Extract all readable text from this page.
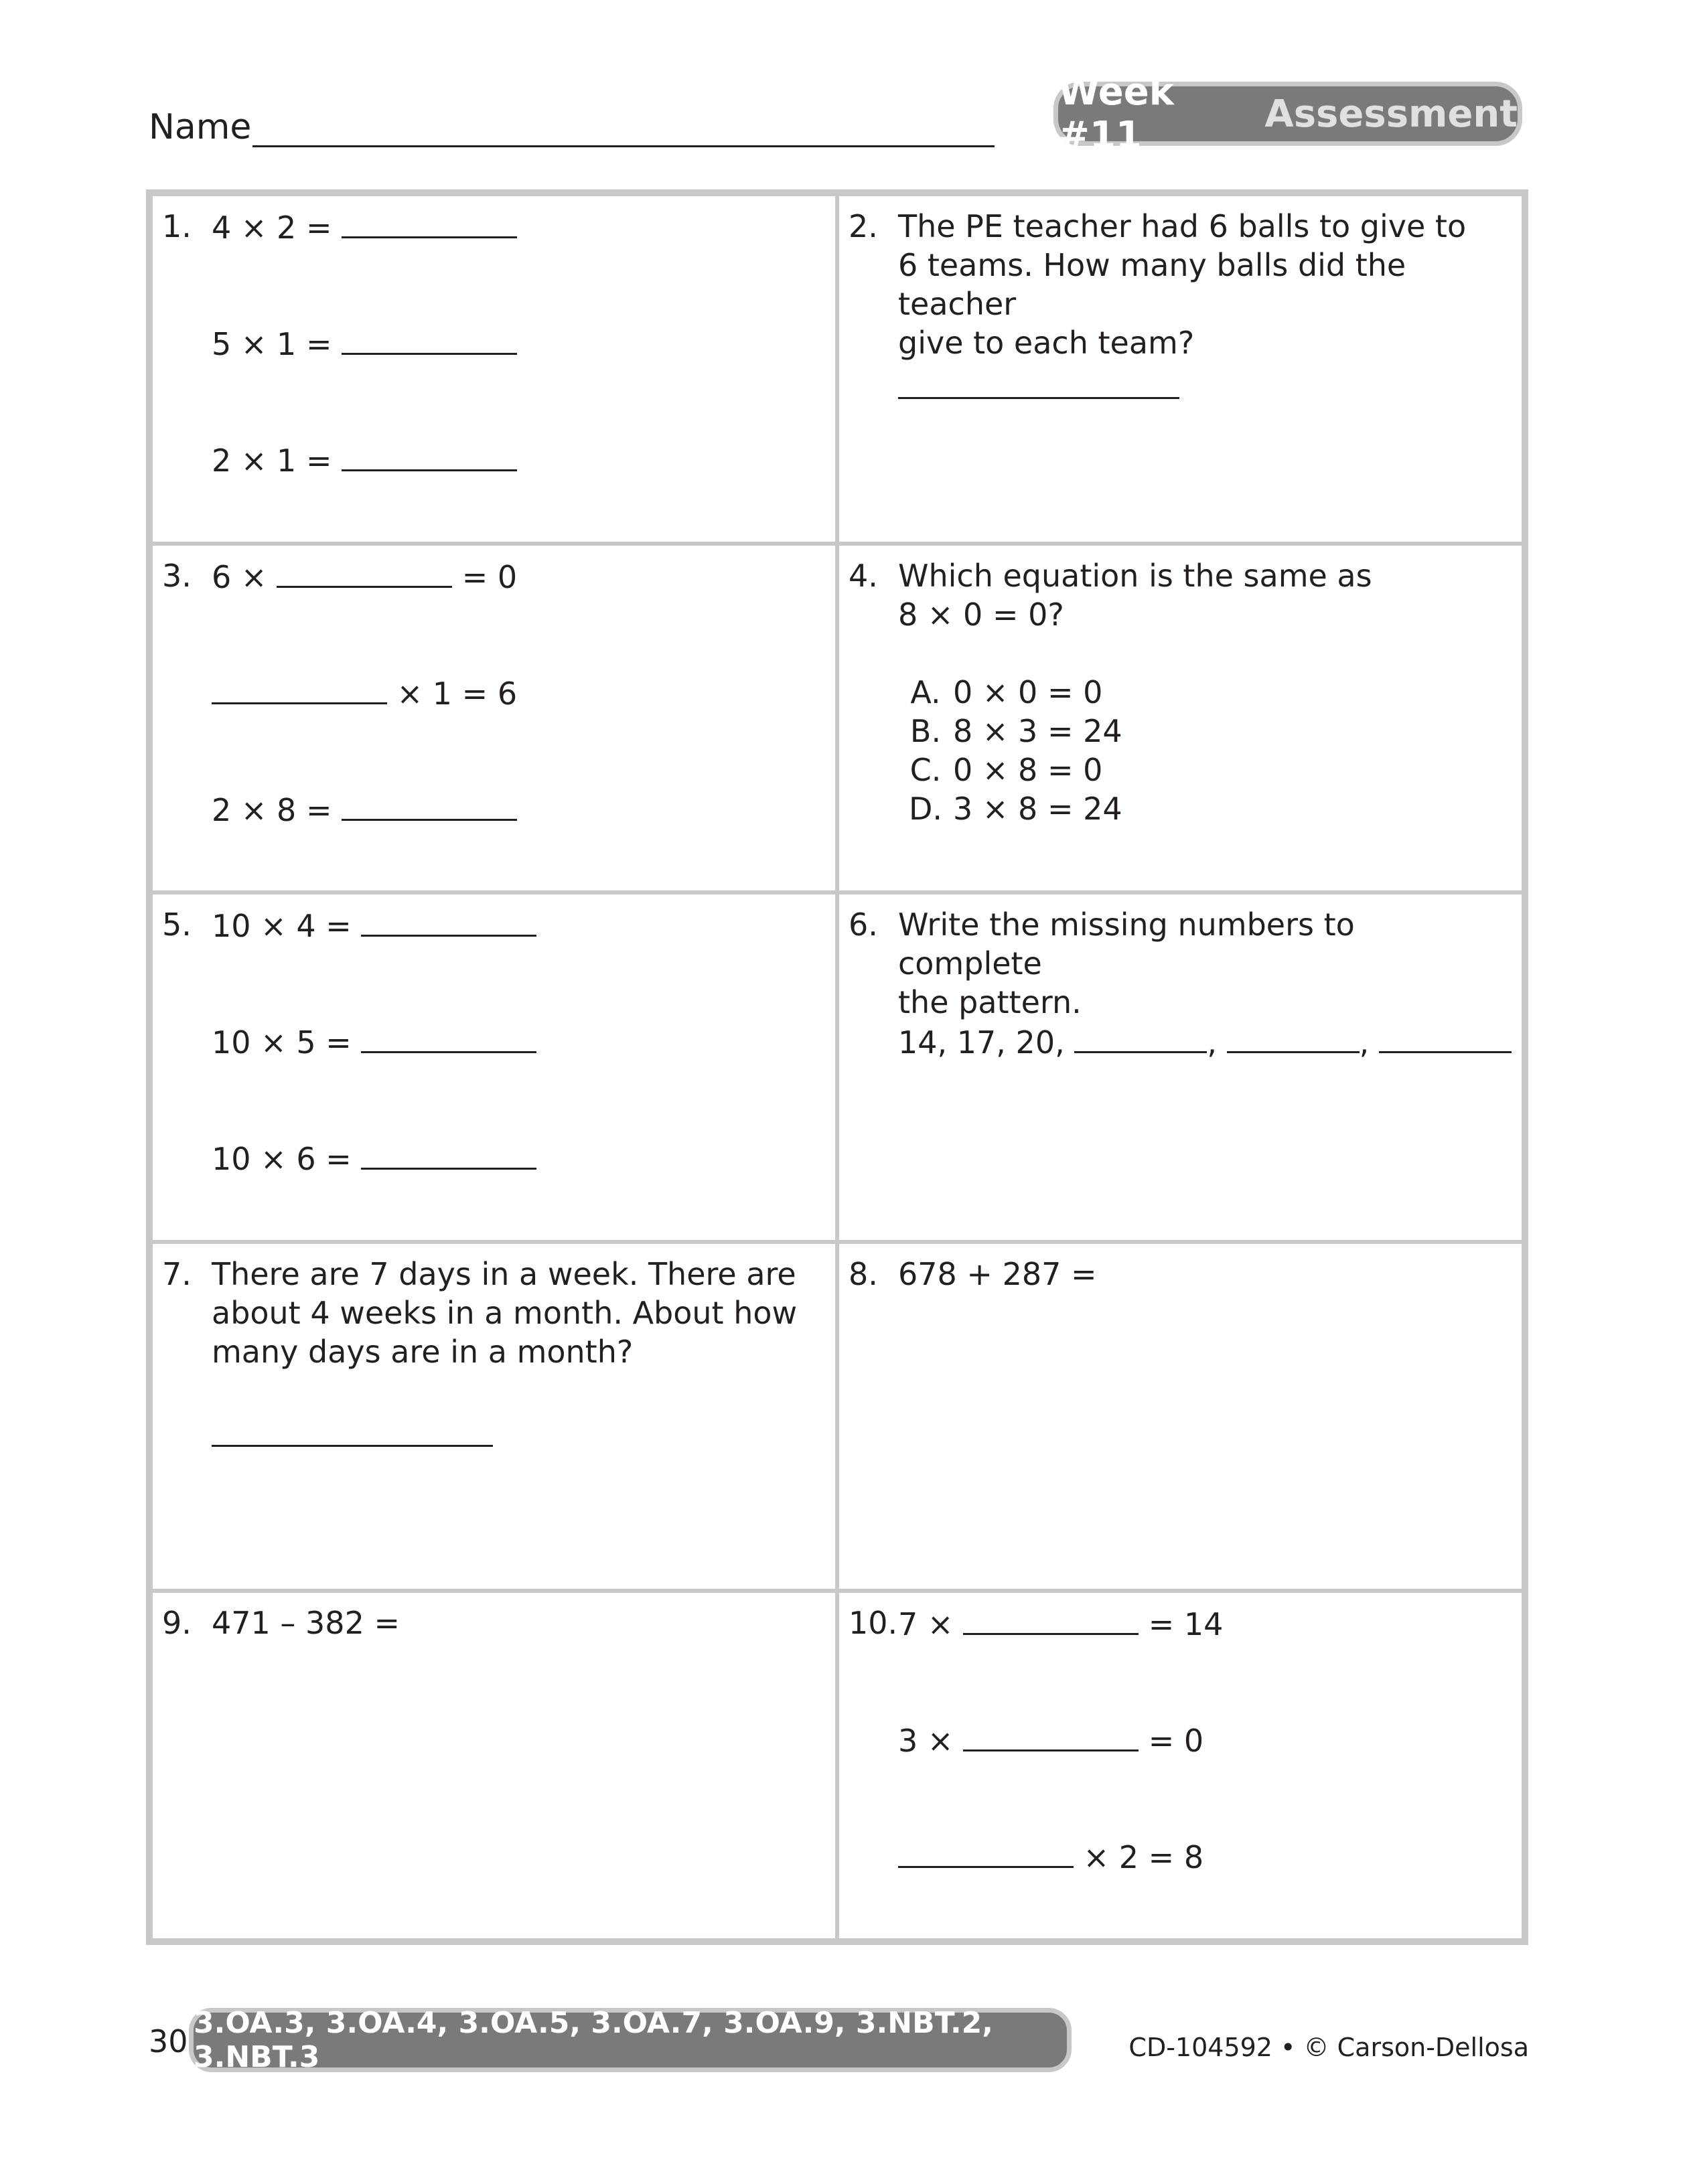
Name
Week #11	Assessment
1. 4 × 2 =
5 × 1 =
2 × 1 =
2. The PE teacher had 6 balls to give to
6 teams. How many balls did the teacher
give to each team?
3. 6 ×	= 0
× 1 = 6
2 × 8 =
4. Which equation is the same as
8 × 0 = 0?
A. 0 × 0 = 0
B. 8 × 3 = 24
C. 0 × 8 = 0
D. 3 × 8 = 24
5. 10 × 4 =
10 × 5 =
10 × 6 =
6. Write the missing numbers to complete
the pattern.
14, 17, 20,	,	,
7. There are 7 days in a week. There are
about 4 weeks in a month. About how
many days are in a month?
8. 678 + 287 =
9. 471 – 382 =	10. 7 ×	= 14
3 ×	= 0
× 2 = 8
30
3.OA.3, 3.OA.4, 3.OA.5, 3.OA.7, 3.OA.9, 3.NBT.2, 3.NBT.3	CD-104592 • © Carson-Dellosa
